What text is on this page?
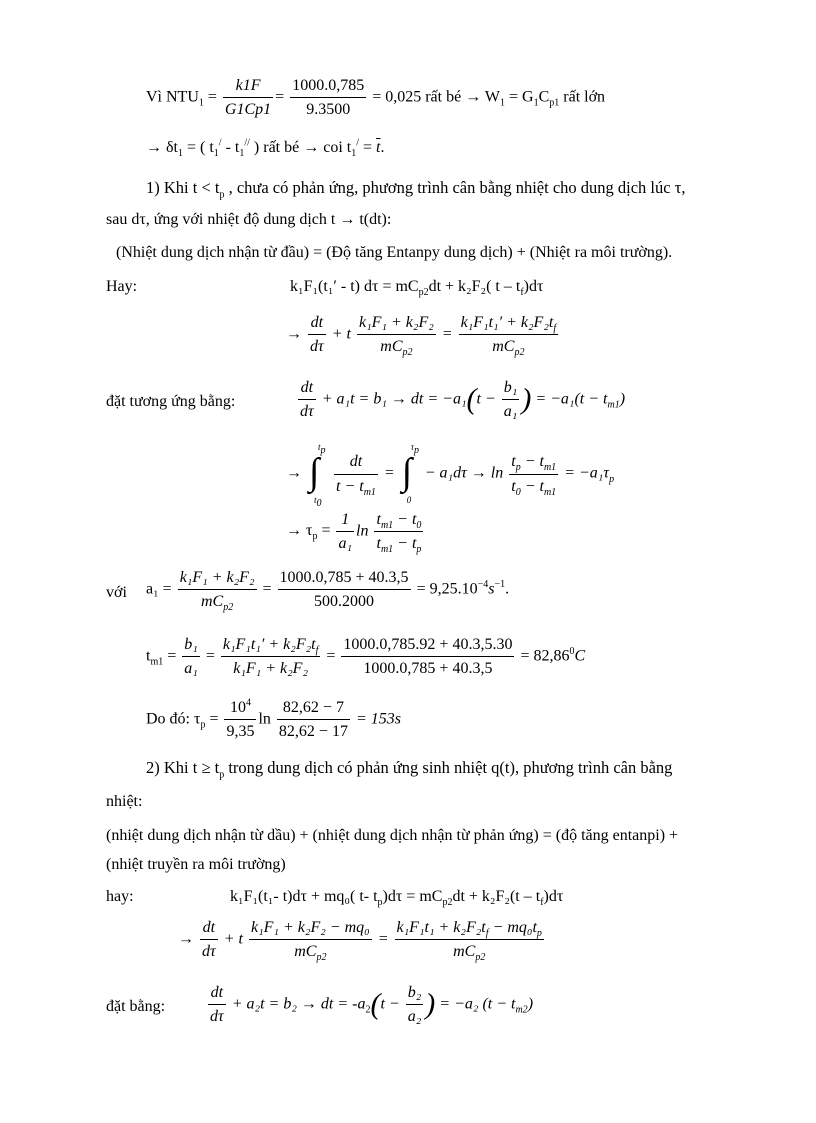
Vì $NTU_1 = \frac{k1F}{G1Cp1} = \frac{1000.0,785}{9.3500} = 0,025$ rất bé → $W_1 = G_1C_{p1}$ rất lớn
→ $\delta t_1$ = ( $t_1^/ - t_1^{//}$ ) rất bé → coi $t_1^/ = \overline{t}$.
1) Khi $t < t_p$ , chưa có phản ứng, phương trình cân bằng nhiệt cho dung dịch lúc τ,
sau dτ, ứng với nhiệt độ dung dịch t → t(dt):
(Nhiệt dung dịch nhận từ đầu) = (Độ tăng Entanpy dung dịch) + (Nhiệt ra môi trường).
Hay:	k₁F₁(t₁′ - t) $d\tau = mC_{p2}dt + k_2F_2$( t – $t_f)d\tau$
→ $\frac{dt}{d\tau} + t \frac{\text{k₁F₁ + k₂F₂}}{mC_{p2}} = \frac{k_1F_1t_1' + k_2F_2t_f}{mC_{p2}}$
đặt tương ứng bằng:	$\frac{dt}{d\tau} + a_1t = b_1$ → dt = $-a_1(t - \frac{\text{b₁}}{\text{a₁}}$ ) = $-a_1(t - t_{m1})$
→ ∫
$t_p$
$t_0$

$\frac{dt}{t - t_{m1}}$ = ∫
$\tau_p$
0
− $a_1d\tau \to \ln \frac{t_p - t_{m1}}{t_0 - t_{m1}} = -a_1\tau_p$
→ $\tau_p = \frac{1}{\text{a₁}}$ $\ln \frac{t_{m1} - t_0}{t_{m1} - t_p}$
với $a_1 = \frac{\text{k₁F₁ + k₂F₂}}{mC_{p2}} = \frac{1000.0,785 + 40.3,5}{500.2000} = 9,25.10^{-4}s^{-1}$.
$t_{m1} = \frac{\text{b₁}}{\text{a₁}} = \frac{k_1F_1t_1' + k_2F_2t_f}{\text{k₁F₁ + k₂F₂}} = \frac{1000.0,785.92 + 40.3,5.30}{1000.0,785 + 40.3,5} = 82,86^0C$
Do đó: $\tau_p = \frac{10^4}{9,35}$ $\ln \frac{82,62 - 7}{82,62 - 17} = 153s$
2) Khi $t \ge t_p$ trong dung dịch có phản ứng sinh nhiệt q(t), phương trình cân bằng
nhiệt:
(nhiệt dung dịch nhận từ dầu) + (nhiệt dung dịch nhận từ phản ứng) = (độ tăng entanpi) +
(nhiệt truyền ra môi trường)
hay:	k₁F₁(t₁- t)dτ + mq₀( t- $t_p)d\tau = mC_{p2}dt + k_2F_2(t - t_f)d\tau$
→ $\frac{dt}{d\tau} + t \frac{\text{k₁F₁ + k₂F₂ − mq₀}}{mC_{p2}} = \frac{k_1F_1t_1 + k_2F_2t_f - mq_0t_p}{mC_{p2}}$
đặt bằng:	$\frac{dt}{d\tau} + a_2t = b_2$ → dt = $-a_2(t - \frac{\text{b₂}}{\text{a₂}}$ ) = −a₂ $(t - t_{m2})$
